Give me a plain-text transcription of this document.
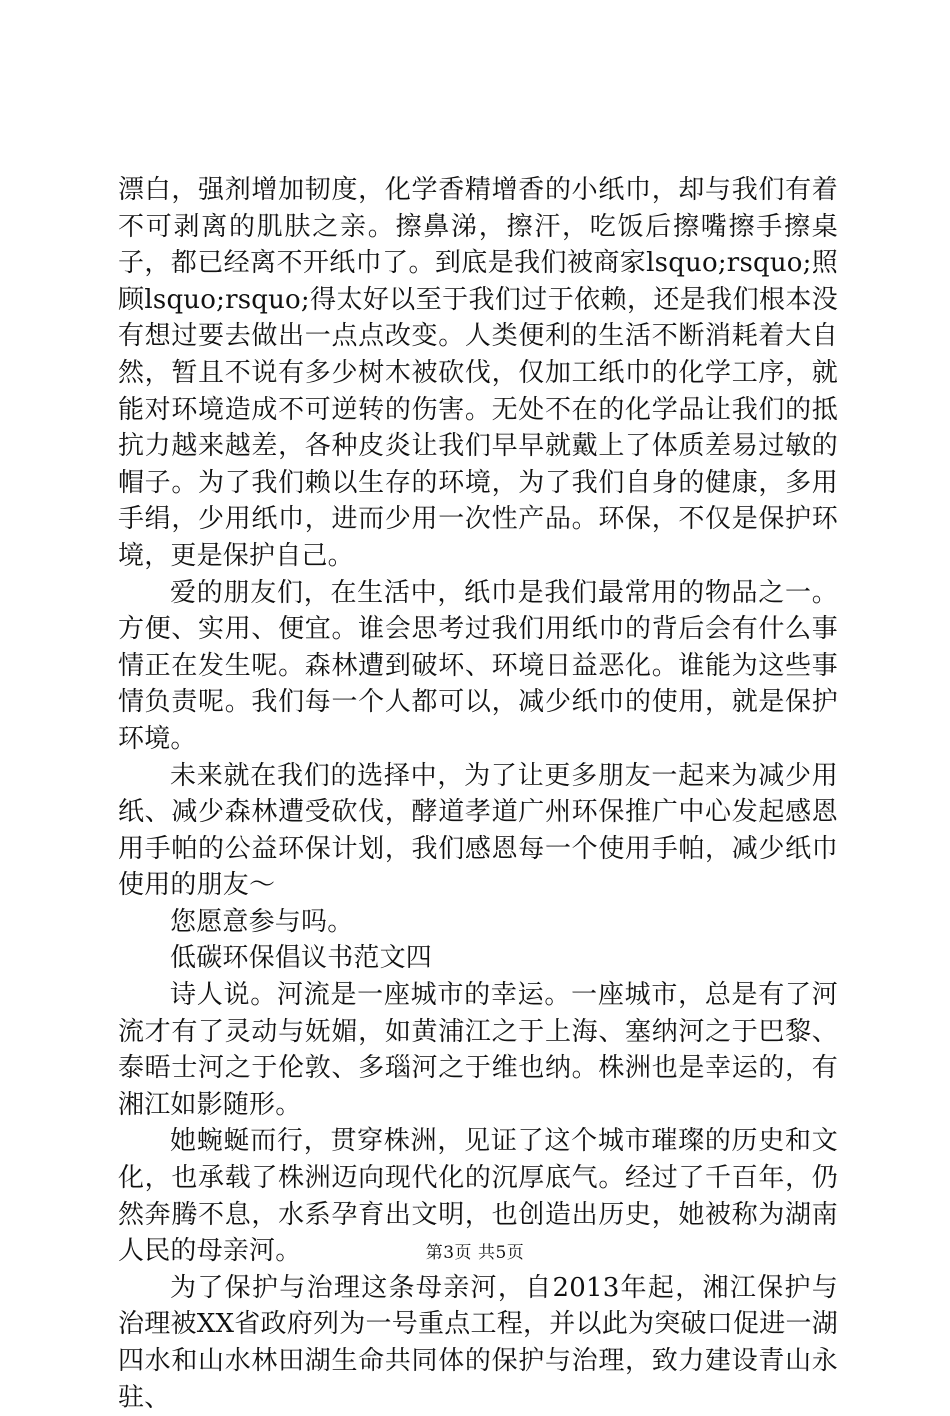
漂白，强剂增加韧度，化学香精增香的小纸巾，却与我们有着不可剥离的肌肤之亲。擦鼻涕，擦汗，吃饭后擦嘴擦手擦桌子，都已经离不开纸巾了。到底是我们被商家lsquo;rsquo;照顾lsquo;rsquo;得太好以至于我们过于依赖，还是我们根本没有想过要去做出一点点改变。人类便利的生活不断消耗着大自然，暂且不说有多少树木被砍伐，仅加工纸巾的化学工序，就能对环境造成不可逆转的伤害。无处不在的化学品让我们的抵抗力越来越差，各种皮炎让我们早早就戴上了体质差易过敏的帽子。为了我们赖以生存的环境，为了我们自身的健康，多用手绢，少用纸巾，进而少用一次性产品。环保，不仅是保护环境，更是保护自己。

爱的朋友们，在生活中，纸巾是我们最常用的物品之一。方便、实用、便宜。谁会思考过我们用纸巾的背后会有什么事情正在发生呢。森林遭到破坏、环境日益恶化。谁能为这些事情负责呢。我们每一个人都可以，减少纸巾的使用，就是保护环境。

未来就在我们的选择中，为了让更多朋友一起来为减少用纸、减少森林遭受砍伐，酵道孝道广州环保推广中心发起感恩用手帕的公益环保计划，我们感恩每一个使用手帕，减少纸巾使用的朋友～

您愿意参与吗。

低碳环保倡议书范文四

诗人说。河流是一座城市的幸运。一座城市，总是有了河流才有了灵动与妩媚，如黄浦江之于上海、塞纳河之于巴黎、泰晤士河之于伦敦、多瑙河之于维也纳。株洲也是幸运的，有湘江如影随形。

她蜿蜒而行，贯穿株洲，见证了这个城市璀璨的历史和文化，也承载了株洲迈向现代化的沉厚底气。经过了千百年，仍然奔腾不息，水系孕育出文明，也创造出历史，她被称为湖南人民的母亲河。

为了保护与治理这条母亲河，自2013年起，湘江保护与治理被XX省政府列为一号重点工程，并以此为突破口促进一湖四水和山水林田湖生命共同体的保护与治理，致力建设青山永驻、

第3页 共5页
